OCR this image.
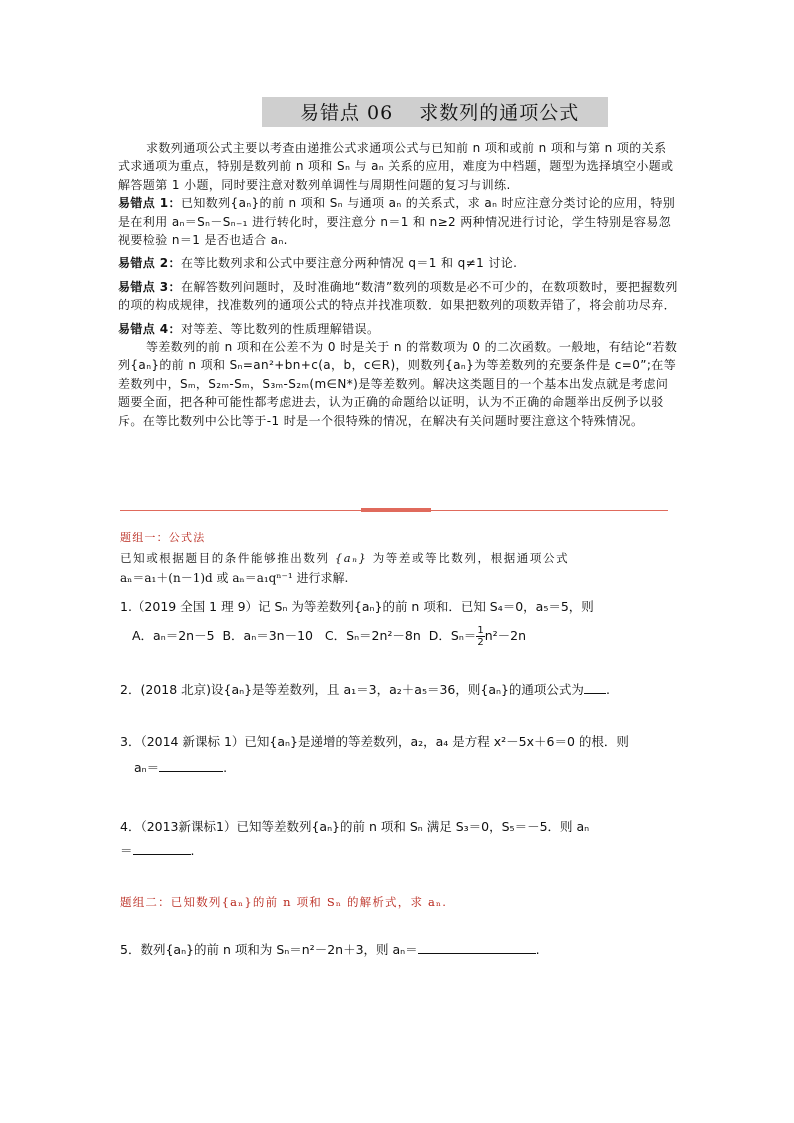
易错点 06 求数列的通项公式

求数列通项公式主要以考查由递推公式求通项公式与已知前 n 项和或前 n 项和与第 n 项的关系式求通项为重点，特别是数列前 n 项和 Sₙ 与 aₙ 关系的应用，难度为中档题，题型为选择填空小题或解答题第 1 小题，同时要注意对数列单调性与周期性问题的复习与训练.

易错点 1：已知数列{aₙ}的前 n 项和 Sₙ 与通项 aₙ 的关系式，求 aₙ 时应注意分类讨论的应用，特别是在利用 aₙ＝Sₙ－Sₙ₋₁ 进行转化时，要注意分 n＝1 和 n≥2 两种情况进行讨论，学生特别是容易忽视要检验 n＝1 是否也适合 aₙ.

易错点 2：在等比数列求和公式中要注意分两种情况 q＝1 和 q≠1 讨论.

易错点 3：在解答数列问题时，及时准确地“数清”数列的项数是必不可少的，在数项数时，要把握数列的项的构成规律，找准数列的通项公式的特点并找准项数．如果把数列的项数弄错了，将会前功尽弃．

易错点 4：对等差、等比数列的性质理解错误。

等差数列的前 n 项和在公差不为 0 时是关于 n 的常数项为 0 的二次函数。一般地，有结论“若数列{aₙ}的前 n 项和 Sₙ=an²+bn+c(a，b，c∈R)，则数列{aₙ}为等差数列的充要条件是 c=0”;在等差数列中，Sₘ，S₂ₘ-Sₘ，S₃ₘ-S₂ₘ(m∈N*)是等差数列。解决这类题目的一个基本出发点就是考虑问题要全面，把各种可能性都考虑进去，认为正确的命题给以证明，认为不正确的命题举出反例予以驳斥。在等比数列中公比等于-1 时是一个很特殊的情况，在解决有关问题时要注意这个特殊情况。

题组一：公式法
已知或根据题目的条件能够推出数列 {aₙ} 为等差或等比数列，根据通项公式
aₙ＝a₁＋(n－1)d 或 aₙ＝a₁qⁿ⁻¹ 进行求解.
1.（2019 全国 1 理 9）记 Sₙ 为等差数列{aₙ}的前 n 项和．已知 S₄＝0，a₅＝5，则
A．aₙ＝2n－5 B．aₙ＝3n－10 C．Sₙ＝2n²－8n D．$S_n= \frac{1}{2} n^2-2n$
2．(2018 北京)设{aₙ}是等差数列，且 a₁＝3，a₂＋a₅＝36，则{aₙ}的通项公式为 .
3．（2014 新课标 1）已知{aₙ}是递增的等差数列，a₂，a₄ 是方程 x²－5x＋6＝0 的根．则
aₙ＝	.
4．（2013新课标1）已知等差数列{aₙ}的前 n 项和 Sₙ 满足 S₃＝0，S₅＝－5．则 aₙ
＝	.
题组二：已知数列{aₙ}的前 n 项和 Sₙ 的解析式，求 aₙ.
5．数列{aₙ}的前 n 项和为 Sₙ＝n²－2n＋3，则 aₙ＝	.
